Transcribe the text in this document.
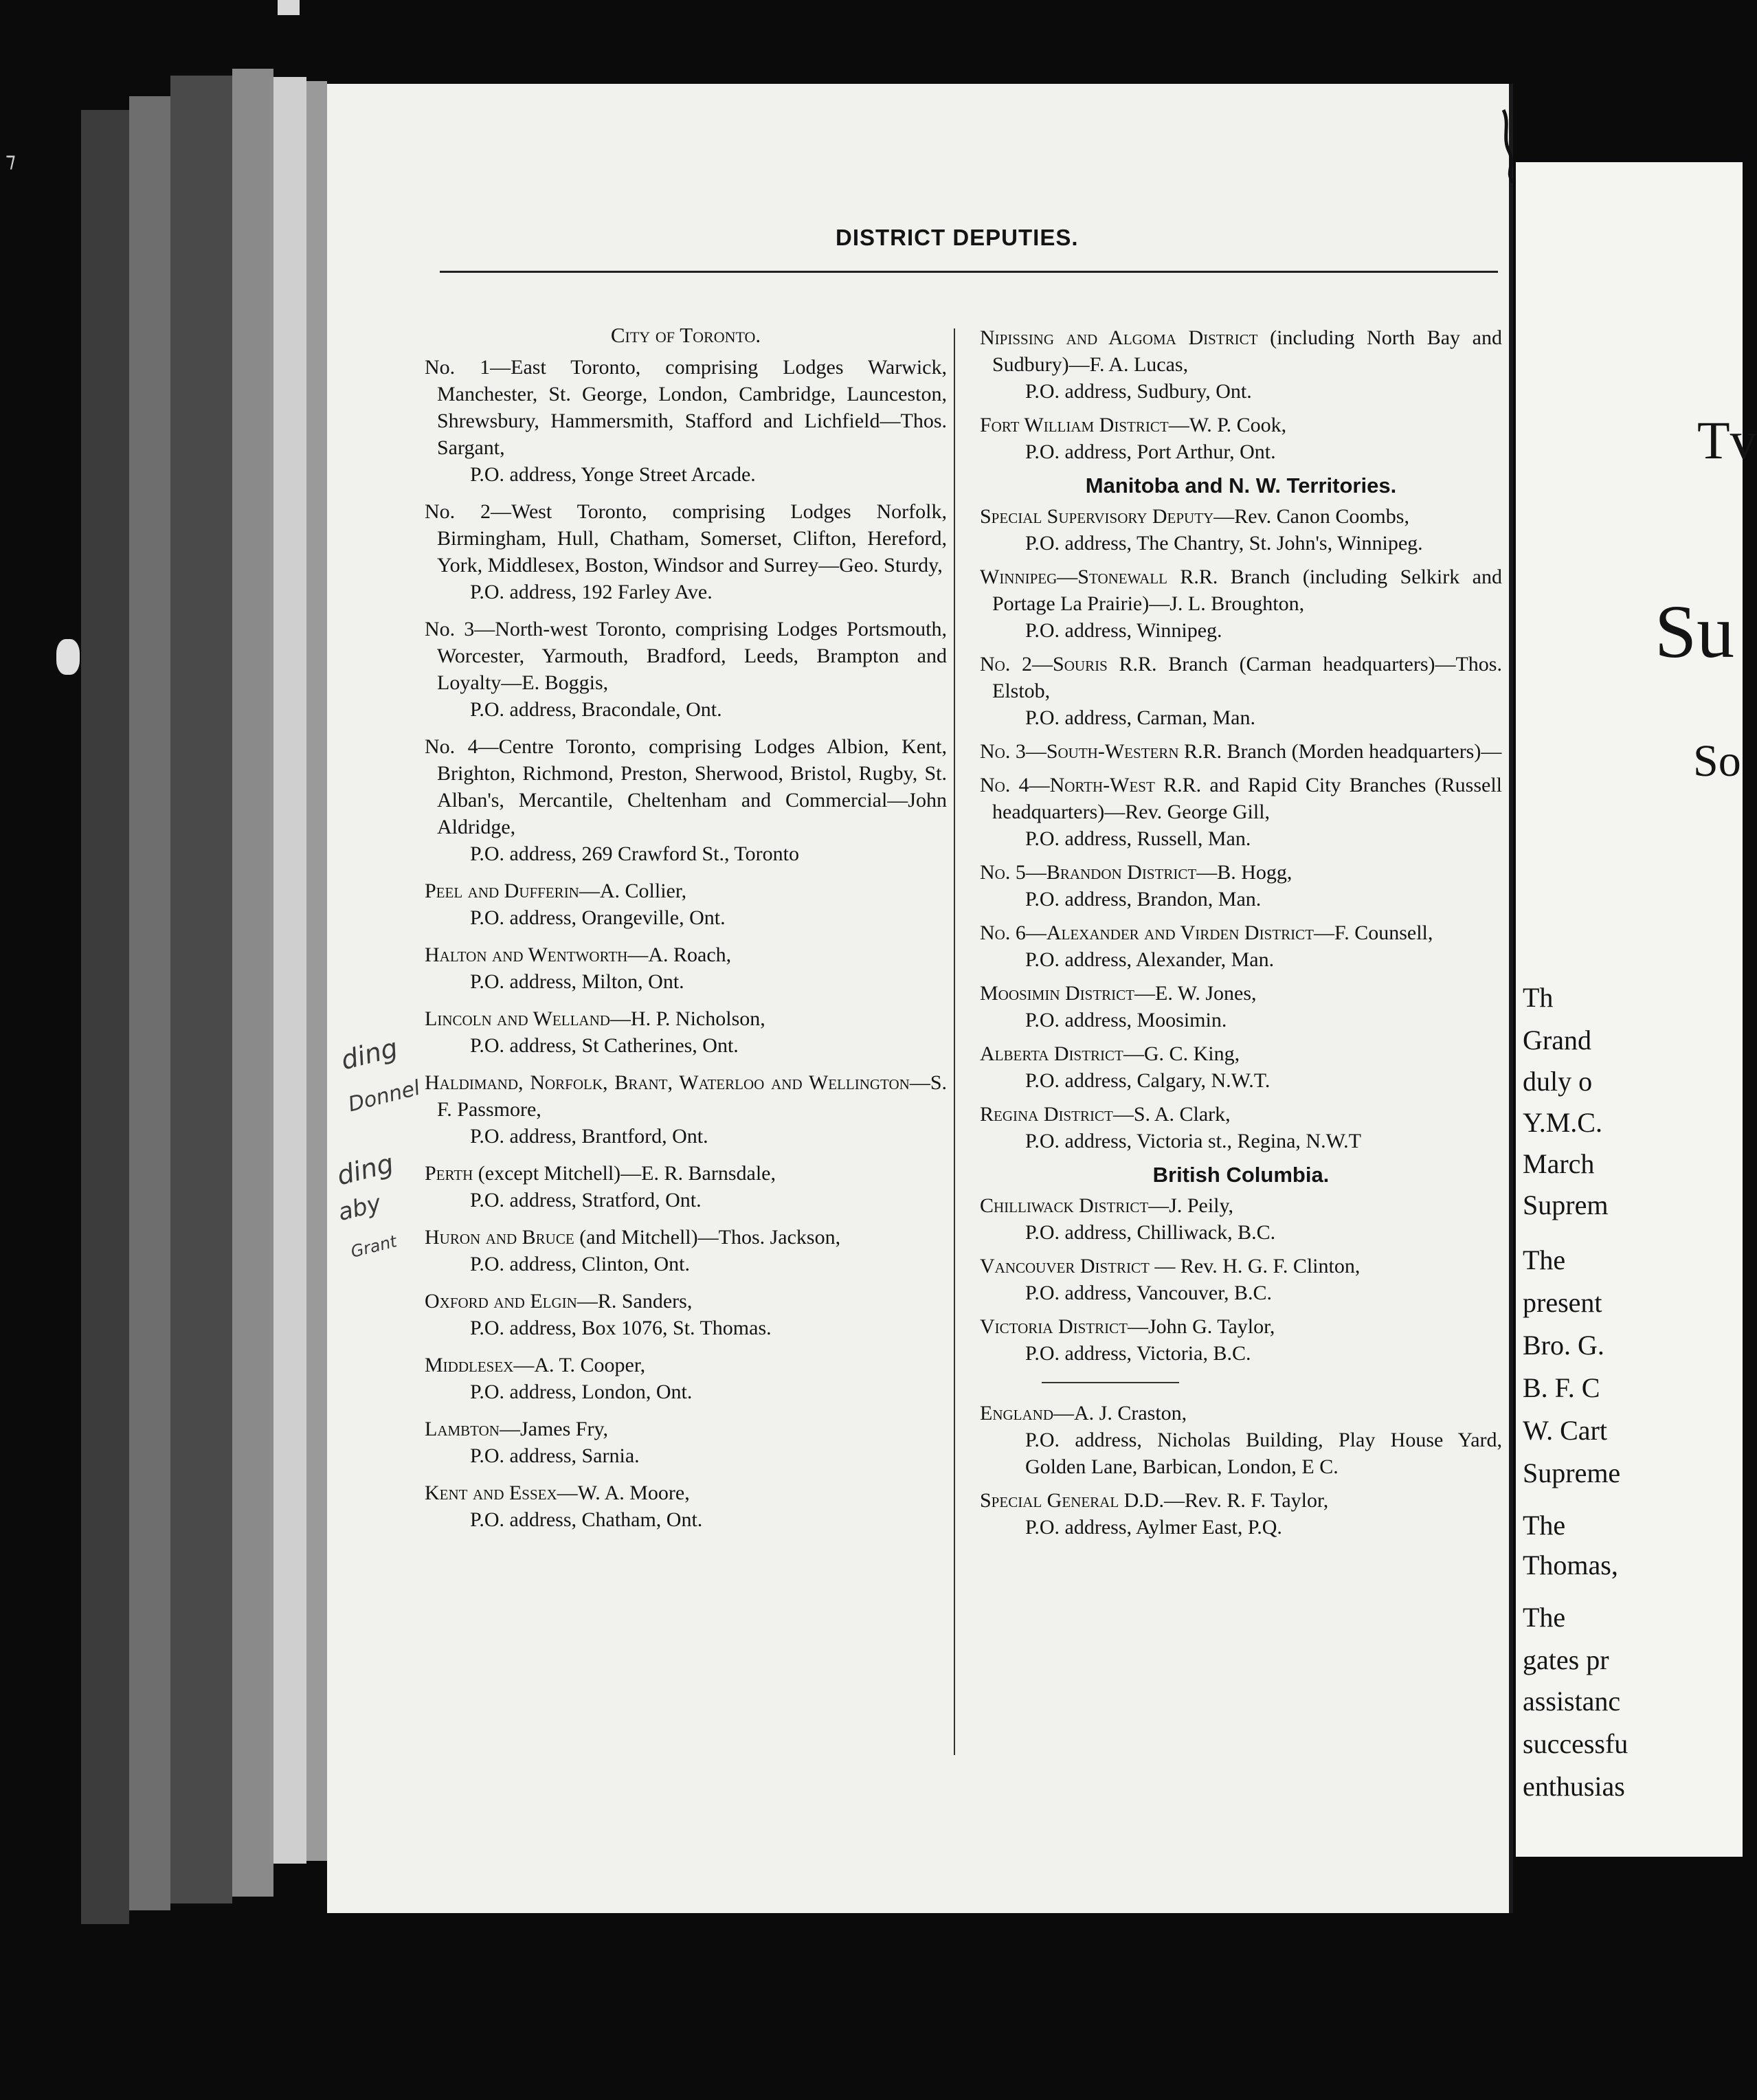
⁊
Tv
Su
So
Th
Grand
duly o
Y.M.C.
March
Suprem
The
present
Bro. G.
B. F. C
W. Cart
Supreme
The
Thomas,
The
gates pr
assistanc
successfu
enthusias
DISTRICT DEPUTIES.
City of Toronto.
No. 1—East Toronto, comprising Lodges Warwick, Manchester, St. George, London, Cambridge, Launceston, Shrewsbury, Hammersmith, Stafford and Lichfield—Thos. Sargant,
P.O. address, Yonge Street Arcade.
No. 2—West Toronto, comprising Lodges Norfolk, Birmingham, Hull, Chatham, Somerset, Clifton, Hereford, York, Middlesex, Boston, Windsor and Surrey—Geo. Sturdy,
P.O. address, 192 Farley Ave.
No. 3—North-west Toronto, comprising Lodges Portsmouth, Worcester, Yarmouth, Bradford, Leeds, Brampton and Loyalty—E. Boggis,
P.O. address, Bracondale, Ont.
No. 4—Centre Toronto, comprising Lodges Albion, Kent, Brighton, Richmond, Preston, Sherwood, Bristol, Rugby, St. Alban's, Mercantile, Cheltenham and Commercial—John Aldridge,
P.O. address, 269 Crawford St., Toronto
Peel and Dufferin—A. Collier,
P.O. address, Orangeville, Ont.
Halton and Wentworth—A. Roach,
P.O. address, Milton, Ont.
Lincoln and Welland—H. P. Nicholson,
P.O. address, St Catherines, Ont.
Haldimand, Norfolk, Brant, Waterloo and Wellington—S. F. Passmore,
P.O. address, Brantford, Ont.
Perth (except Mitchell)—E. R. Barnsdale,
P.O. address, Stratford, Ont.
Huron and Bruce (and Mitchell)—Thos. Jackson,
P.O. address, Clinton, Ont.
Oxford and Elgin—R. Sanders,
P.O. address, Box 1076, St. Thomas.
Middlesex—A. T. Cooper,
P.O. address, London, Ont.
Lambton—James Fry,
P.O. address, Sarnia.
Kent and Essex—W. A. Moore,
P.O. address, Chatham, Ont.
Nipissing and Algoma District (including North Bay and Sudbury)—F. A. Lucas,
P.O. address, Sudbury, Ont.
Fort William District—W. P. Cook,
P.O. address, Port Arthur, Ont.
Manitoba and N. W. Territories.
Special Supervisory Deputy—Rev. Canon Coombs,
P.O. address, The Chantry, St. John's, Winnipeg.
Winnipeg—Stonewall R.R. Branch (including Selkirk and Portage La Prairie)—J. L. Broughton,
P.O. address, Winnipeg.
No. 2—Souris R.R. Branch (Carman headquarters)—Thos. Elstob,
P.O. address, Carman, Man.
No. 3—South-Western R.R. Branch (Morden headquarters)—
No. 4—North-West R.R. and Rapid City Branches (Russell headquarters)—Rev. George Gill,
P.O. address, Russell, Man.
No. 5—Brandon District—B. Hogg,
P.O. address, Brandon, Man.
No. 6—Alexander and Virden District—F. Counsell,
P.O. address, Alexander, Man.
Moosimin District—E. W. Jones,
P.O. address, Moosimin.
Alberta District—G. C. King,
P.O. address, Calgary, N.W.T.
Regina District—S. A. Clark,
P.O. address, Victoria st., Regina, N.W.T
British Columbia.
Chilliwack District—J. Peily,
P.O. address, Chilliwack, B.C.
Vancouver District — Rev. H. G. F. Clinton,
P.O. address, Vancouver, B.C.
Victoria District—John G. Taylor,
P.O. address, Victoria, B.C.
England—A. J. Craston,
P.O. address, Nicholas Building, Play House Yard, Golden Lane, Barbican, London, E C.
Special General D.D.—Rev. R. F. Taylor,
P.O. address, Aylmer East, P.Q.
ding
Donnel
ding
aby
Grant
